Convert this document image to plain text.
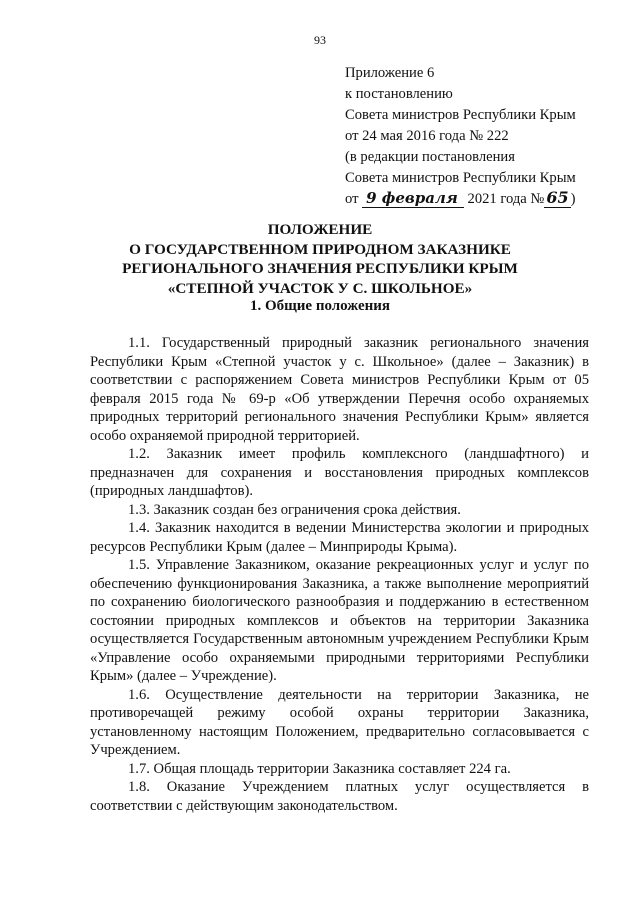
93
Приложение 6
к постановлению
Совета министров Республики Крым
от 24 мая 2016 года № 222
(в редакции постановления
Совета министров Республики Крым
от 9 февраля 2021 года № 65 )
ПОЛОЖЕНИЕ
О ГОСУДАРСТВЕННОМ ПРИРОДНОМ ЗАКАЗНИКЕ
РЕГИОНАЛЬНОГО ЗНАЧЕНИЯ РЕСПУБЛИКИ КРЫМ
«СТЕПНОЙ УЧАСТОК У С. ШКОЛЬНОЕ»
1. Общие положения

1.1. Государственный природный заказник регионального значения Республики Крым «Степной участок у с. Школьное» (далее – Заказник) в соответствии с распоряжением Совета министров Республики Крым от 05 февраля 2015 года № 69-р «Об утверждении Перечня особо охраняемых природных территорий регионального значения Республики Крым» является особо охраняемой природной территорией.

1.2. Заказник имеет профиль комплексного (ландшафтного) и предназначен для сохранения и восстановления природных комплексов (природных ландшафтов).

1.3. Заказник создан без ограничения срока действия.

1.4. Заказник находится в ведении Министерства экологии и природных ресурсов Республики Крым (далее – Минприроды Крыма).

1.5. Управление Заказником, оказание рекреационных услуг и услуг по обеспечению функционирования Заказника, а также выполнение мероприятий по сохранению биологического разнообразия и поддержанию в естественном состоянии природных комплексов и объектов на территории Заказника осуществляется Государственным автономным учреждением Республики Крым «Управление особо охраняемыми природными территориями Республики Крым» (далее – Учреждение).

1.6. Осуществление деятельности на территории Заказника, не противоречащей режиму особой охраны территории Заказника, установленному настоящим Положением, предварительно согласовывается с Учреждением.

1.7. Общая площадь территории Заказника составляет 224 га.

1.8. Оказание Учреждением платных услуг осуществляется в соответствии с действующим законодательством.
